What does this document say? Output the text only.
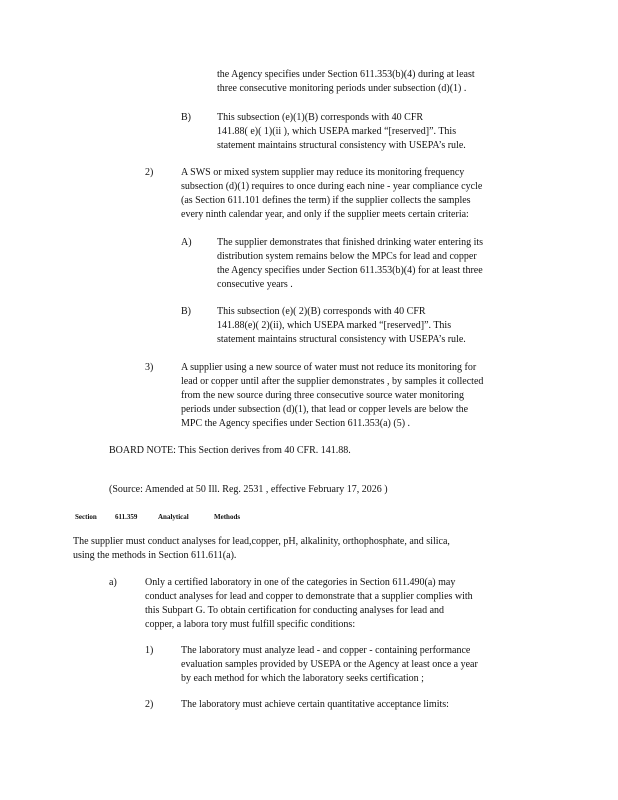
the Agency specifies under Section 611.353(b)(4) during at least
three consecutive monitoring periods under subsection (d)(1) .
B)	This subsection (e)(1)(B) corresponds with 40 CFR
141.88( e)( 1)(ii ), which USEPA marked “[reserved]”. This
statement maintains structural consistency with USEPA’s rule.
2)	A SWS or mixed system supplier may reduce its monitoring frequency
subsection (d)(1) requires to once during each nine - year compliance cycle
(as Section 611.101 defines the term) if the supplier collects the samples
every ninth calendar year, and only if the supplier meets certain criteria:
A)	The supplier demonstrates that finished drinking water entering its
distribution system remains below the MPCs for lead and copper
the Agency specifies under Section 611.353(b)(4) for at least three
consecutive years .
B)	This subsection (e)( 2)(B) corresponds with 40 CFR
141.88(e)( 2)(ii), which USEPA marked “[reserved]”. This
statement maintains structural consistency with USEPA’s rule.
3)	A supplier using a new source of water must not reduce its monitoring for
lead or copper until after the supplier demonstrates , by samples it collected
from the new source during three consecutive source water monitoring
periods under subsection (d)(1), that lead or copper levels are below the
MPC the Agency specifies under Section 611.353(a) (5) .
BOARD NOTE: This Section derives from 40 CFR. 141.88.
(Source: Amended at 50 Ill. Reg. 2531 , effective February 17, 2026 )
Section	611.359	Analytical	Methods
The supplier must conduct analyses for lead,copper, pH, alkalinity, orthophosphate, and silica,
using the methods in Section 611.611(a).
a)	Only a certified laboratory in one of the categories in Section 611.490(a) may
conduct analyses for lead and copper to demonstrate that a supplier complies with
this Subpart G. To obtain certification for conducting analyses for lead and
copper, a labora tory must fulfill specific conditions:
1)	The laboratory must analyze lead - and copper - containing performance
evaluation samples provided by USEPA or the Agency at least once a year
by each method for which the laboratory seeks certification ;
2)	The laboratory must achieve certain quantitative acceptance limits:
